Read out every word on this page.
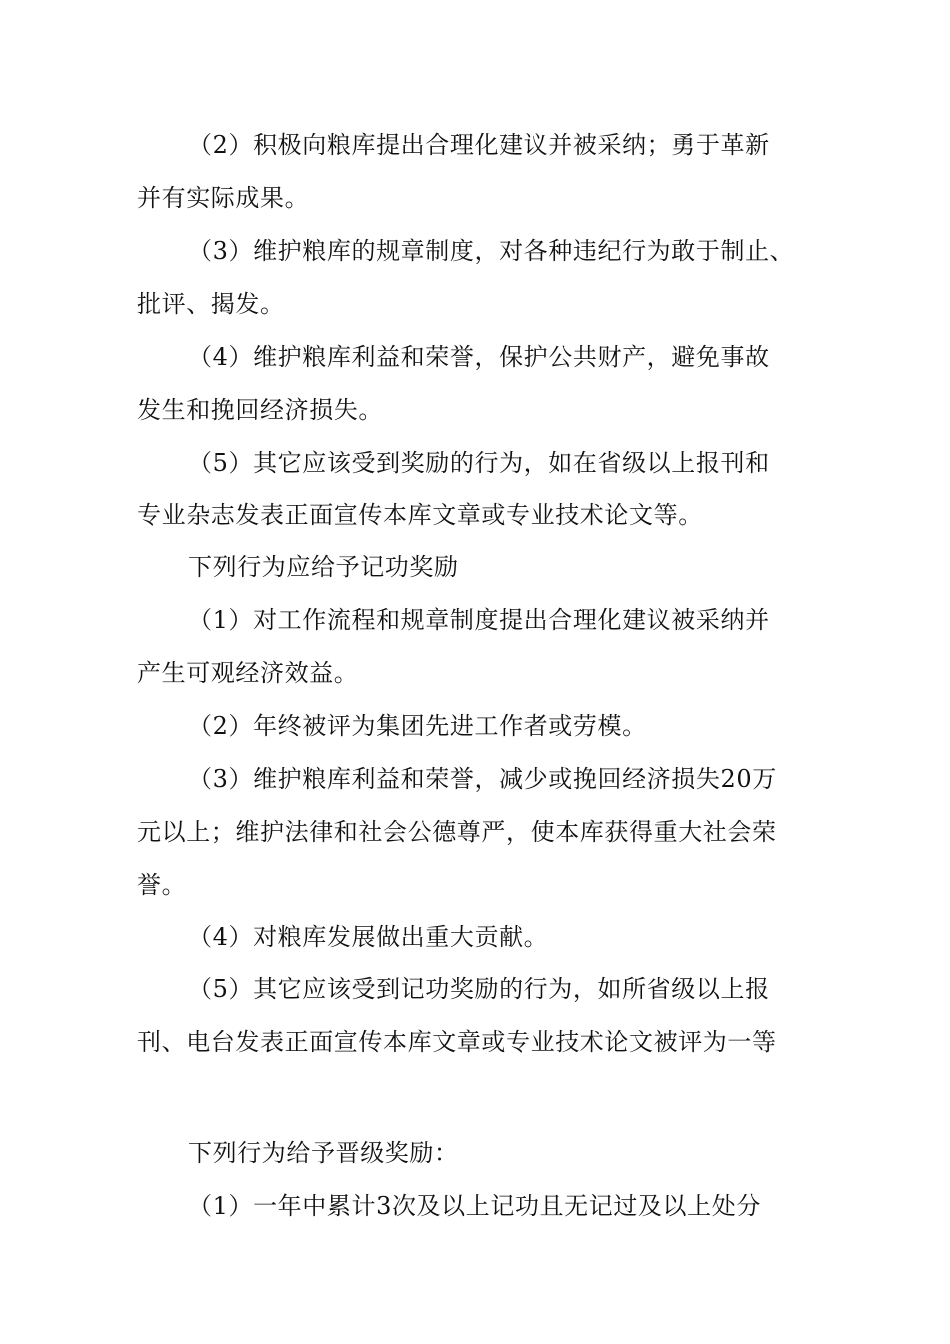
（2）积极向粮库提出合理化建议并被采纳；勇于革新
并有实际成果。
（3）维护粮库的规章制度，对各种违纪行为敢于制止、
批评、揭发。
（4）维护粮库利益和荣誉，保护公共财产，避免事故
发生和挽回经济损失。
（5）其它应该受到奖励的行为，如在省级以上报刊和
专业杂志发表正面宣传本库文章或专业技术论文等。
下列行为应给予记功奖励
（1）对工作流程和规章制度提出合理化建议被采纳并
产生可观经济效益。
（2）年终被评为集团先进工作者或劳模。
（3）维护粮库利益和荣誉，减少或挽回经济损失20万
元以上；维护法律和社会公德尊严，使本库获得重大社会荣
誉。
（4）对粮库发展做出重大贡献。
（5）其它应该受到记功奖励的行为，如所省级以上报
刊、电台发表正面宣传本库文章或专业技术论文被评为一等
下列行为给予晋级奖励：
（1）一年中累计3次及以上记功且无记过及以上处分
